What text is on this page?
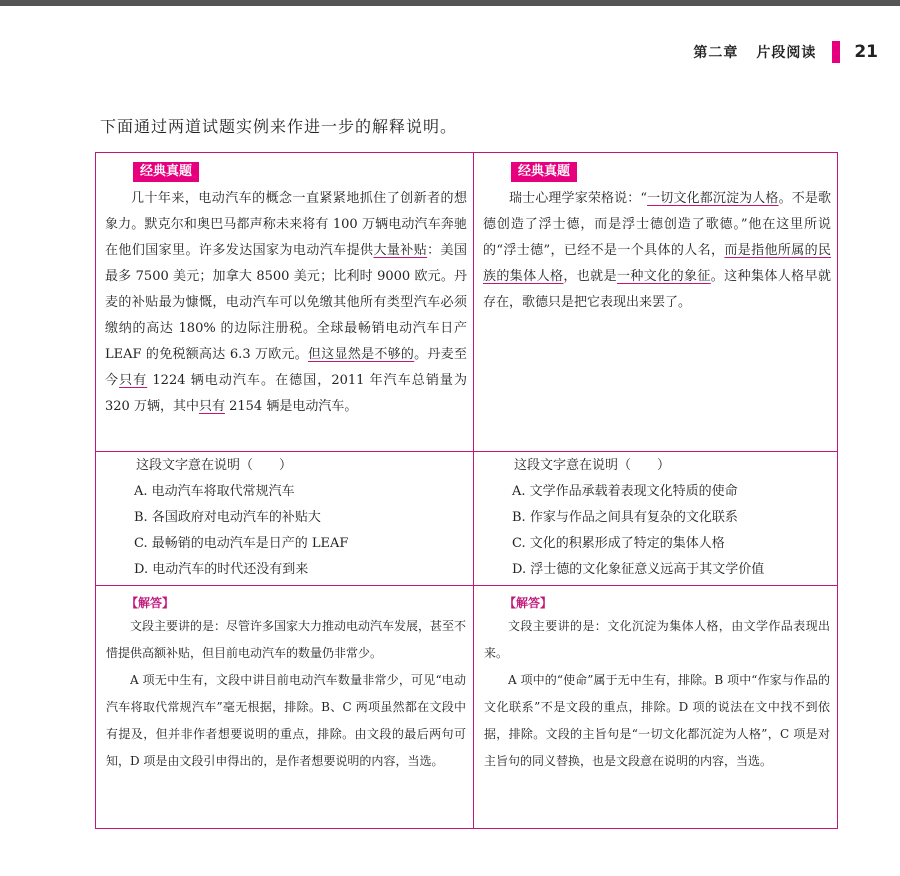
第二章 片段阅读 21
下面通过两道试题实例来作进一步的解释说明。
经典真题

几十年来，电动汽车的概念一直紧紧地抓住了创新者的想象力。默克尔和奥巴马都声称未来将有 100 万辆电动汽车奔驰在他们国家里。许多发达国家为电动汽车提供大量补贴：美国最多 7500 美元；加拿大 8500 美元；比利时 9000 欧元。丹麦的补贴最为慷慨，电动汽车可以免缴其他所有类型汽车必须缴纳的高达 180% 的边际注册税。全球最畅销电动汽车日产 LEAF 的免税额高达 6.3 万欧元。但这显然是不够的。丹麦至今只有 1224 辆电动汽车。在德国，2011 年汽车总销量为 320 万辆，其中只有 2154 辆是电动汽车。

经典真题

瑞士心理学家荣格说：“一切文化都沉淀为人格。不是歌德创造了浮士德，而是浮士德创造了歌德。”他在这里所说的“浮士德”，已经不是一个具体的人名，而是指他所属的民族的集体人格，也就是一种文化的象征。这种集体人格早就存在，歌德只是把它表现出来罢了。

这段文字意在说明（　　）
A. 电动汽车将取代常规汽车
B. 各国政府对电动汽车的补贴大
C. 最畅销的电动汽车是日产的 LEAF
D. 电动汽车的时代还没有到来
这段文字意在说明（　　）
A. 文学作品承载着表现文化特质的使命
B. 作家与作品之间具有复杂的文化联系
C. 文化的积累形成了特定的集体人格
D. 浮士德的文化象征意义远高于其文学价值
【解答】

文段主要讲的是：尽管许多国家大力推动电动汽车发展，甚至不惜提供高额补贴，但目前电动汽车的数量仍非常少。

A 项无中生有，文段中讲目前电动汽车数量非常少，可见“电动汽车将取代常规汽车”毫无根据，排除。B、C 两项虽然都在文段中有提及，但并非作者想要说明的重点，排除。由文段的最后两句可知，D 项是由文段引申得出的，是作者想要说明的内容，当选。

【解答】

文段主要讲的是：文化沉淀为集体人格，由文学作品表现出来。

A 项中的“使命”属于无中生有，排除。B 项中“作家与作品的文化联系”不是文段的重点，排除。D 项的说法在文中找不到依据，排除。文段的主旨句是“一切文化都沉淀为人格”，C 项是对主旨句的同义替换，也是文段意在说明的内容，当选。
